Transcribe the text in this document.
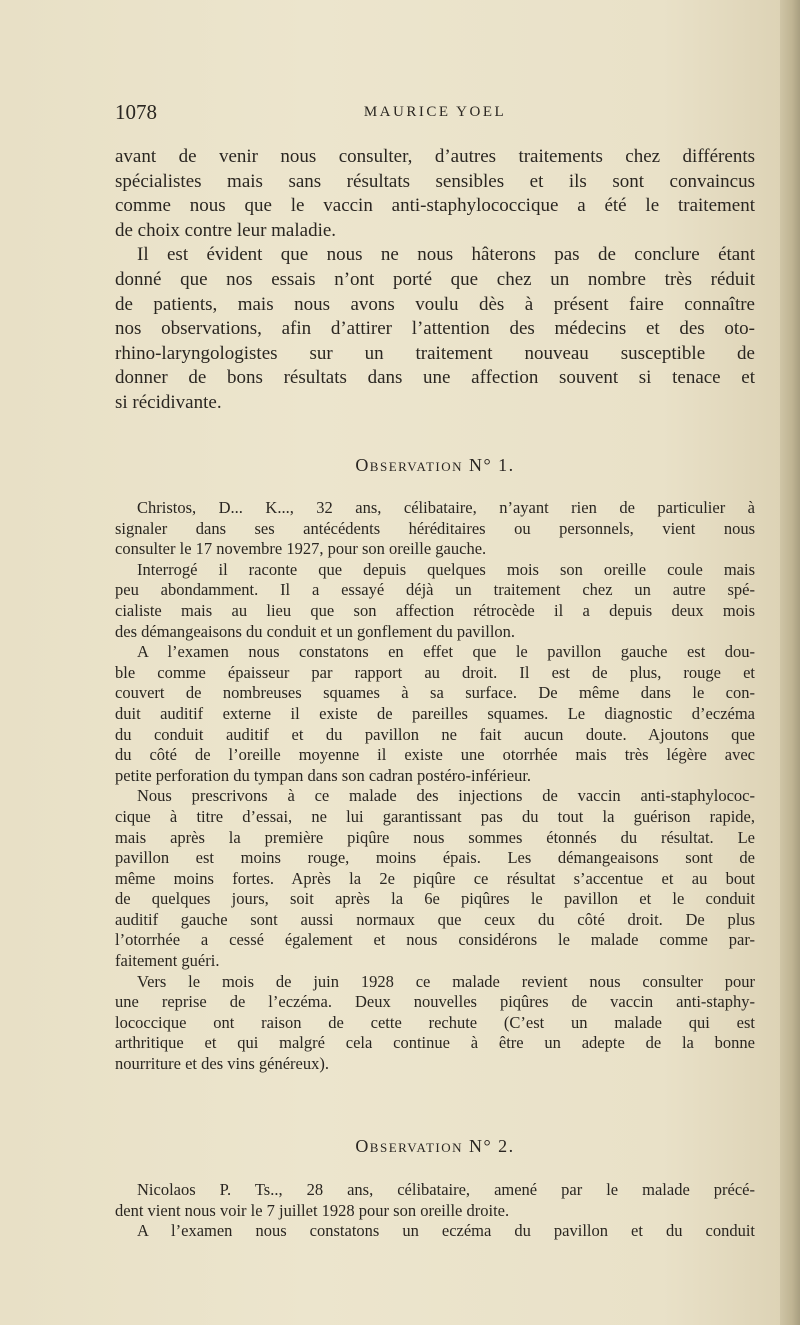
1078	MAURICE YOEL
avant de venir nous consulter, d’autres traitements chez différents
spécialistes mais sans résultats sensibles et ils sont convaincus
comme nous que le vaccin anti-staphylococcique a été le traitement
de choix contre leur maladie.
Il est évident que nous ne nous hâterons pas de conclure étant
donné que nos essais n’ont porté que chez un nombre très réduit
de patients, mais nous avons voulu dès à présent faire connaître
nos observations, afin d’attirer l’attention des médecins et des oto-
rhino-laryngologistes sur un traitement nouveau susceptible de
donner de bons résultats dans une affection souvent si tenace et
si récidivante.
Observation N° 1.
Christos, D... K..., 32 ans, célibataire, n’ayant rien de particulier à
signaler dans ses antécédents héréditaires ou personnels, vient nous
consulter le 17 novembre 1927, pour son oreille gauche.
Interrogé il raconte que depuis quelques mois son oreille coule mais
peu abondamment. Il a essayé déjà un traitement chez un autre spé-
cialiste mais au lieu que son affection rétrocède il a depuis deux mois
des démangeaisons du conduit et un gonflement du pavillon.
A l’examen nous constatons en effet que le pavillon gauche est dou-
ble comme épaisseur par rapport au droit. Il est de plus, rouge et
couvert de nombreuses squames à sa surface. De même dans le con-
duit auditif externe il existe de pareilles squames. Le diagnostic d’eczéma
du conduit auditif et du pavillon ne fait aucun doute. Ajoutons que
du côté de l’oreille moyenne il existe une otorrhée mais très légère avec
petite perforation du tympan dans son cadran postéro-inférieur.
Nous prescrivons à ce malade des injections de vaccin anti-staphylococ-
cique à titre d’essai, ne lui garantissant pas du tout la guérison rapide,
mais après la première piqûre nous sommes étonnés du résultat. Le
pavillon est moins rouge, moins épais. Les démangeaisons sont de
même moins fortes. Après la 2e piqûre ce résultat s’accentue et au bout
de quelques jours, soit après la 6e piqûres le pavillon et le conduit
auditif gauche sont aussi normaux que ceux du côté droit. De plus
l’otorrhée a cessé également et nous considérons le malade comme par-
faitement guéri.
Vers le mois de juin 1928 ce malade revient nous consulter pour
une reprise de l’eczéma. Deux nouvelles piqûres de vaccin anti-staphy-
lococcique ont raison de cette rechute (C’est un malade qui est
arthritique et qui malgré cela continue à être un adepte de la bonne
nourriture et des vins généreux).
Observation N° 2.
Nicolaos P. Ts.., 28 ans, célibataire, amené par le malade précé-
dent vient nous voir le 7 juillet 1928 pour son oreille droite.
A l’examen nous constatons un eczéma du pavillon et du conduit
